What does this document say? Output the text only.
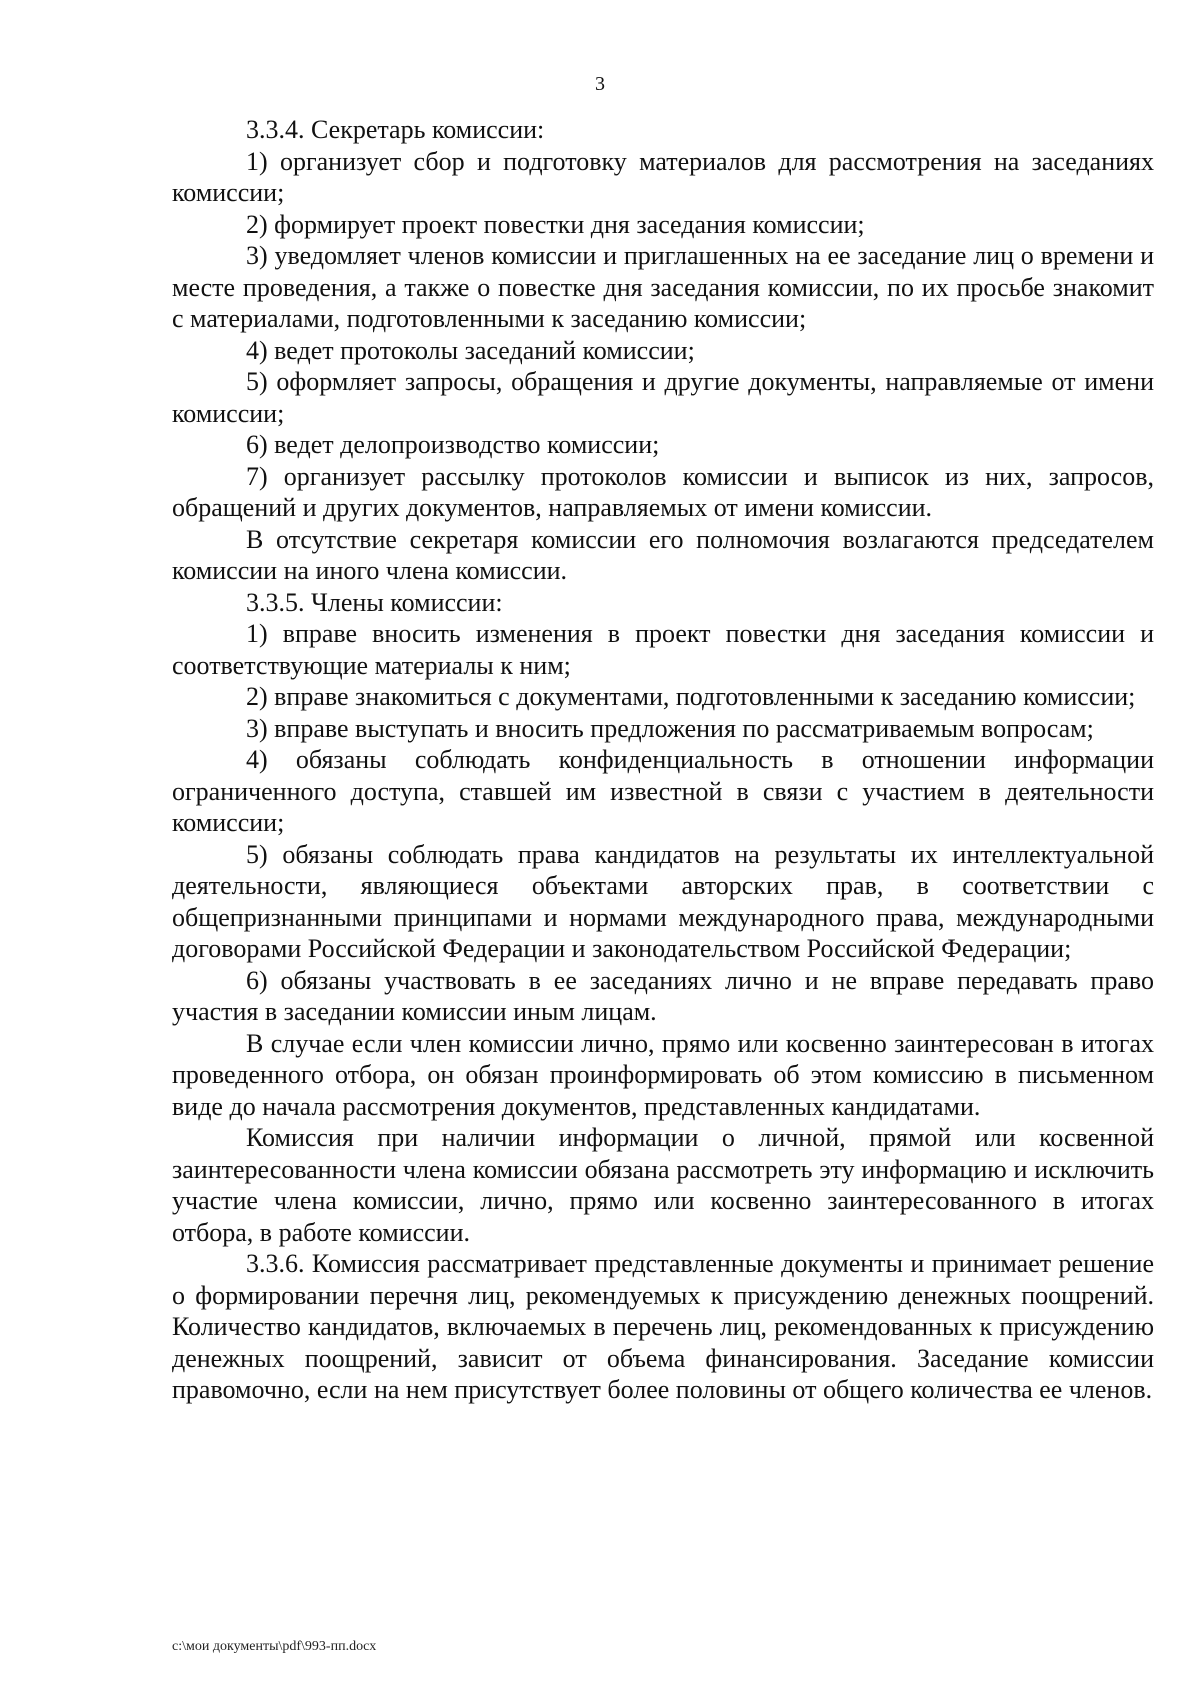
3

3.3.4. Секретарь комиссии:

1) организует сбор и подготовку материалов для рассмотрения на заседаниях комиссии;

2) формирует проект повестки дня заседания комиссии;

3) уведомляет членов комиссии и приглашенных на ее заседание лиц о времени и месте проведения, а также о повестке дня заседания комиссии, по их просьбе знакомит с материалами, подготовленными к заседанию комиссии;

4) ведет протоколы заседаний комиссии;

5) оформляет запросы, обращения и другие документы, направляемые от имени комиссии;

6) ведет делопроизводство комиссии;

7) организует рассылку протоколов комиссии и выписок из них, запросов, обращений и других документов, направляемых от имени комиссии.

В отсутствие секретаря комиссии его полномочия возлагаются председателем комиссии на иного члена комиссии.

3.3.5. Члены комиссии:

1) вправе вносить изменения в проект повестки дня заседания комиссии и соответствующие материалы к ним;

2) вправе знакомиться с документами, подготовленными к заседанию комиссии;

3) вправе выступать и вносить предложения по рассматриваемым вопросам;

4) обязаны соблюдать конфиденциальность в отношении информации ограниченного доступа, ставшей им известной в связи с участием в деятельности комиссии;

5) обязаны соблюдать права кандидатов на результаты их интеллектуальной деятельности, являющиеся объектами авторских прав, в соответствии с общепризнанными принципами и нормами международного права, международными договорами Российской Федерации и законодательством Российской Федерации;

6) обязаны участвовать в ее заседаниях лично и не вправе передавать право участия в заседании комиссии иным лицам.

В случае если член комиссии лично, прямо или косвенно заинтересован в итогах проведенного отбора, он обязан проинформировать об этом комиссию в письменном виде до начала рассмотрения документов, представленных кандидатами.

Комиссия при наличии информации о личной, прямой или косвенной заинтересованности члена комиссии обязана рассмотреть эту информацию и исключить участие члена комиссии, лично, прямо или косвенно заинтересованного в итогах отбора, в работе комиссии.

3.3.6. Комиссия рассматривает представленные документы и принимает решение о формировании перечня лиц, рекомендуемых к присуждению денежных поощрений. Количество кандидатов, включаемых в перечень лиц, рекомендованных к присуждению денежных поощрений, зависит от объема финансирования. Заседание комиссии правомочно, если на нем присутствует более половины от общего количества ее членов.

c:\мои документы\pdf\993-пп.docx
